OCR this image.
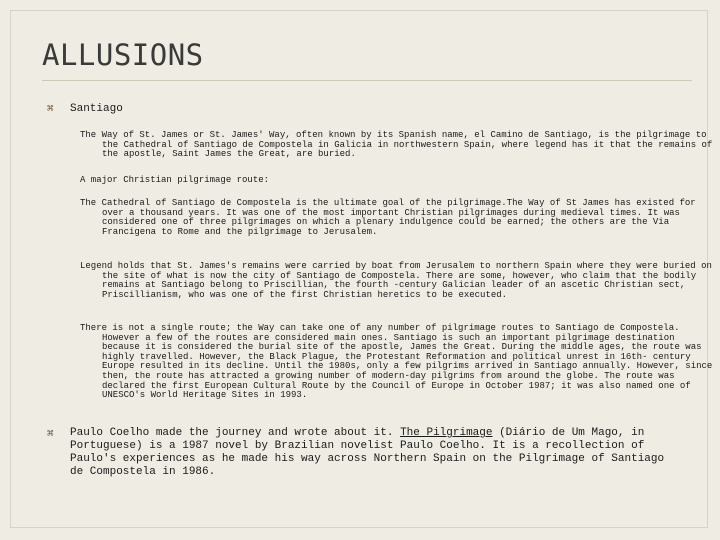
ALLUSIONS
⌘ Santiago

The Way of St. James or St. James' Way, often known by its Spanish name, el Camino de Santiago, is the pilgrimage to the Cathedral of Santiago de Compostela in Galicia in northwestern Spain, where legend has it that the remains of the apostle, Saint James the Great, are buried.

A major Christian pilgrimage route:

The Cathedral of Santiago de Compostela is the ultimate goal of the pilgrimage.The Way of St James has existed for over a thousand years. It was one of the most important Christian pilgrimages during medieval times. It was considered one of three pilgrimages on which a plenary indulgence could be earned; the others are the Via Francigena to Rome and the pilgrimage to Jerusalem.

Legend holds that St. James's remains were carried by boat from Jerusalem to northern Spain where they were buried on the site of what is now the city of Santiago de Compostela. There are some, however, who claim that the bodily remains at Santiago belong to Priscillian, the fourth -century Galician leader of an ascetic Christian sect, Priscillianism, who was one of the first Christian heretics to be executed.

There is not a single route; the Way can take one of any number of pilgrimage routes to Santiago de Compostela. However a few of the routes are considered main ones. Santiago is such an important pilgrimage destination because it is considered the burial site of the apostle, James the Great. During the middle ages, the route was highly travelled. However, the Black Plague, the Protestant Reformation and political unrest in 16th- century Europe resulted in its decline. Until the 1980s, only a few pilgrims arrived in Santiago annually. However, since then, the route has attracted a growing number of modern-day pilgrims from around the globe. The route was declared the first European Cultural Route by the Council of Europe in October 1987; it was also named one of UNESCO's World Heritage Sites in 1993.

⌘ Paulo Coelho made the journey and wrote about it. The Pilgrimage (Diário de Um Mago, in Portuguese) is a 1987 novel by Brazilian novelist Paulo Coelho. It is a recollection of Paulo's experiences as he made his way across Northern Spain on the Pilgrimage of Santiago de Compostela in 1986.
